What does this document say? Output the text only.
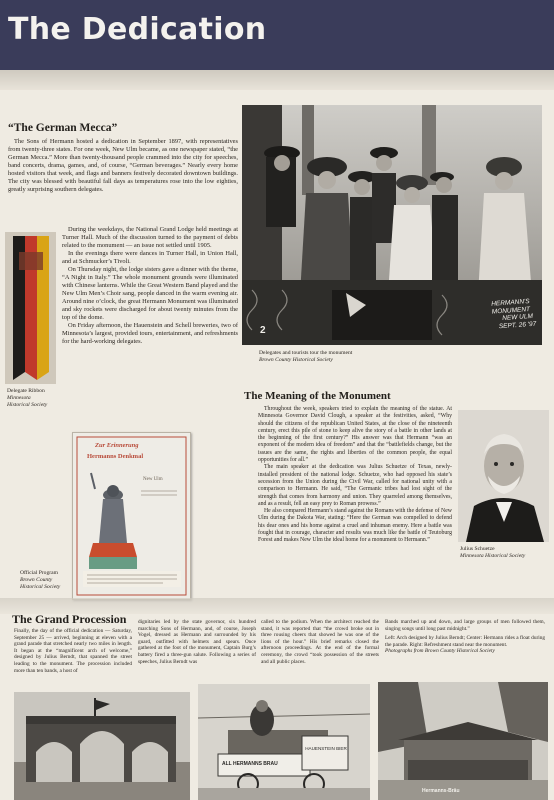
The Dedication
“The German Mecca”

The Sons of Hermann hosted a dedication in September 1897, with representatives from twenty-three states. For one week, New Ulm became, as one newspaper stated, “the German Mecca.” More than twenty-thousand people crammed into the city for speeches, band concerts, drama, games, and, of course, “German beverages.” Nearly every home hosted visitors that week, and flags and banners festively decorated downtown buildings. The city was blessed with beautiful fall days as temperatures rose into the low eighties, greatly surprising southern delegates.

During the weekdays, the National Grand Lodge held meetings at Turner Hall. Much of the discussion turned to the payment of debts related to the monument — an issue not settled until 1905.

In the evenings there were dances in Turner Hall, in Union Hall, and at Schmucker’s Tivoli.

On Thursday night, the lodge sisters gave a dinner with the theme, “A Night in Italy.” The whole monument grounds were illuminated with Chinese lanterns. While the Great Western Band played and the New Ulm Men’s Choir sang, people danced in the warm evening air. Around nine o’clock, the great Hermann Monument was illuminated and sky rockets were discharged for about twenty minutes from the top of the dome.

On Friday afternoon, the Hauenstein and Schell breweries, two of Minnesota’s largest, provided tours, entertainment, and refreshments for the hard-working delegates.

Delegate Ribbon
Minnesota
Historical Society
Zur Erinnerung
Hermanns Denkmal
New Ulm
Official Program
Brown County
Historical Society
2
HERMANN'S
MONUMENT
NEW ULM
SEPT. 26 '97
Delegates and tourists tour the monument
Brown County Historical Society
The Meaning of the Monument

Throughout the week, speakers tried to explain the meaning of the statue. At Minnesota Governor David Clough, a speaker at the festivities, asked, “Why should the citizens of the republican United States, at the close of the nineteenth century, erect this pile of stone to keep alive the story of a battle in other lands at the beginning of the first century?” His answer was that Hermann “was an exponent of the modern idea of freedom” and that the “battlefields change, but the issues are the same, the rights and liberties of the common people, the equal opportunities for all.”

The main speaker at the dedication was Julius Schuetze of Texas, newly-installed president of the national lodge. Schuetze, who had opposed his state’s secession from the Union during the Civil War, called for national unity with a comparison to Hermann. He said, “The Germanic tribes had lost sight of the strength that comes from harmony and union. They quarreled among themselves, and as a result, fell an easy prey to Roman prowess.”

He also compared Hermann’s stand against the Romans with the defense of New Ulm during the Dakota War, stating: “Here the German was compelled to defend his dear ones and his home against a cruel and inhuman enemy. Here a battle was fought that in courage, character and results was much like the battle of Teutoburg Forest and makes New Ulm the ideal home for a monument to Hermann.”

Julius Schuetze
Minnesota Historical Society
The Grand Procession
Finally, the day of the official dedication — Saturday, September 25 — arrived, beginning at eleven with a grand parade that stretched nearly two miles in length. It began at the “magnificent arch of welcome,” designed by Julius Berndt, that spanned the street leading to the monument. The procession included more than ten bands, a host of
dignitaries led by the state governor, six hundred marching Sons of Hermann, and, of course, Joseph Vogel, dressed as Hermann and surrounded by his guard, outfitted with helmets and spears. Once gathered at the foot of the monument, Captain Burg’s battery fired a three-gun salute. Following a series of speeches, Julius Berndt was
called to the podium. When the architect reached the stand, it was reported that “the crowd broke out in three rousing cheers that showed he was one of the lions of the hour.” His brief remarks closed the afternoon proceedings. At the end of the formal ceremony, the crowd “took possession of the streets and all public places.
Bands marched up and down, and large groups of men followed them, singing songs until long past midnight.”
Left: Arch designed by Julius Berndt; Center: Hermann rides a float during the parade. Right: Refreshment stand near the monument.
Photographs from Brown County Historical Society
ALL HERMANNS BRAU
HAUENSTEIN BIER
Hermanns-Bräu
